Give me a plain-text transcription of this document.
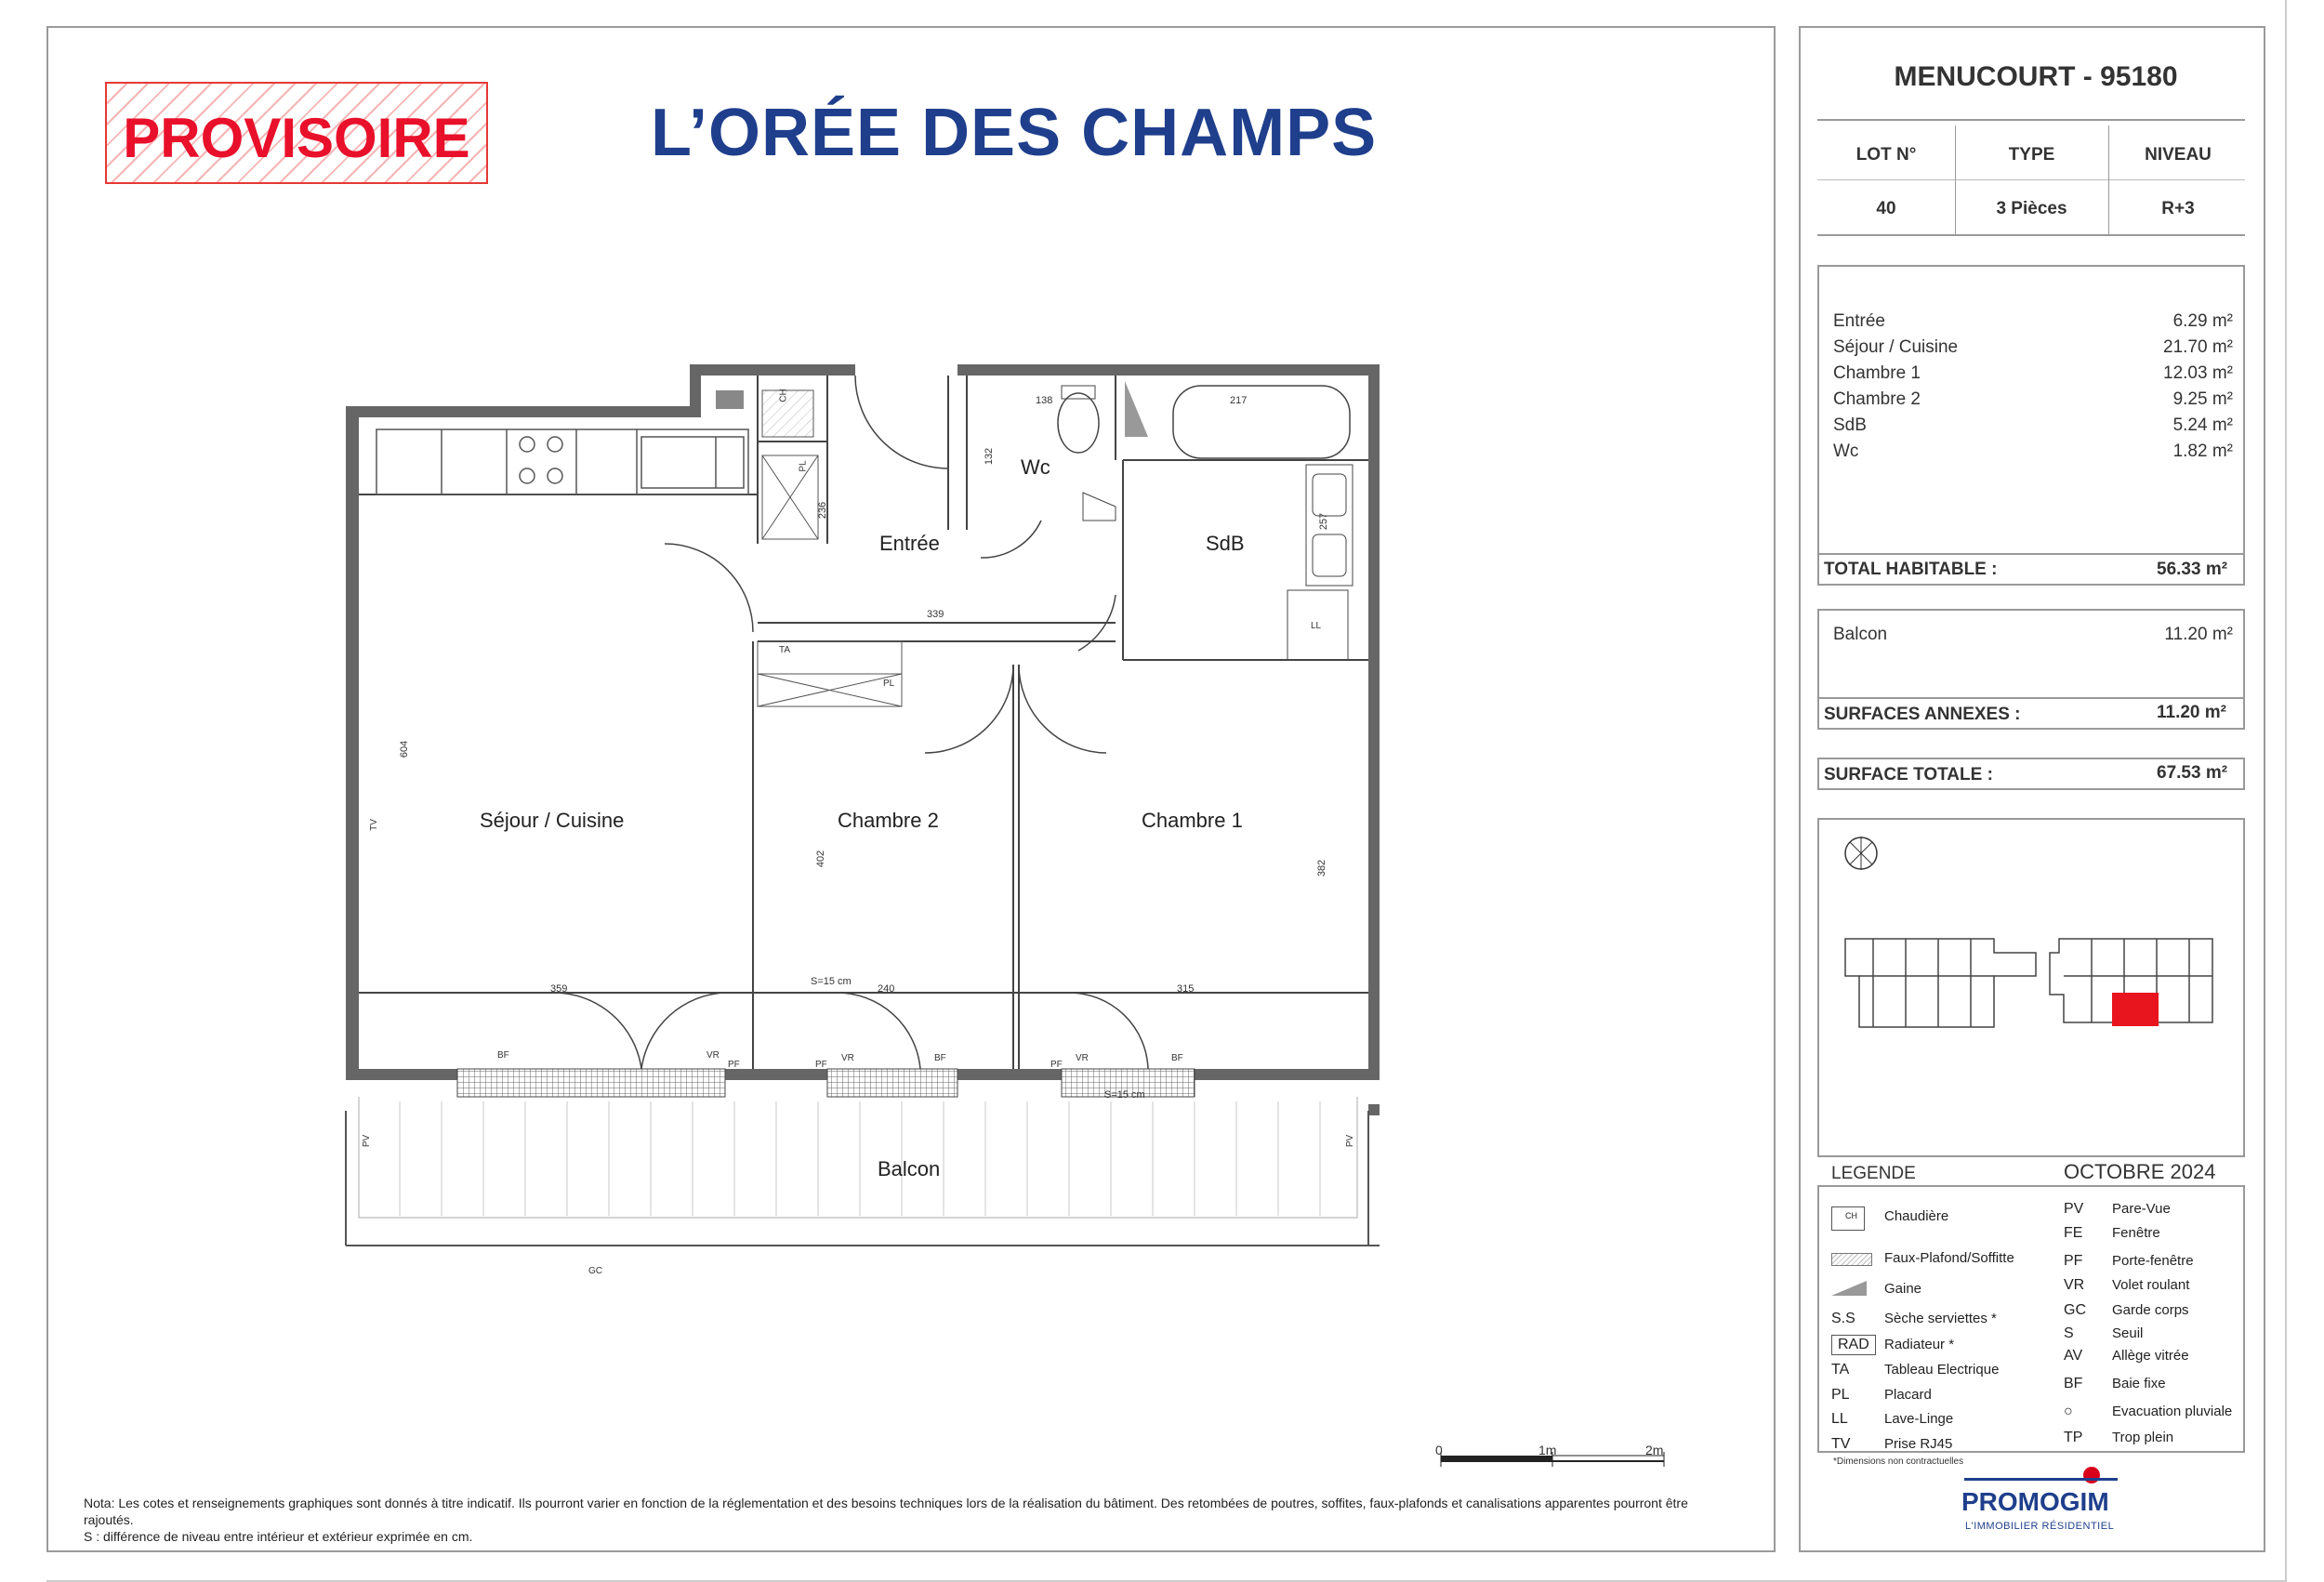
PROVISOIRE	L’ORÉE DES CHAMPS
0	1m	2m
Entrée
Wc
SdB
Séjour / Cuisine	Chambre 2	Chambre 1
Balcon
138	217
132
236
257
339
604
402
382
359	240	315
S=15 cm
S=15 cm
CH
PL
TA
PL
LL
TV
PV	PV
GC
BF	VR
PF	PF
VR	BF
PF
VR	BF
Nota: Les cotes et renseignements graphiques sont donnés à titre indicatif. Ils pourront varier en fonction de la réglementation et des besoins techniques lors de la réalisation du bâtiment. Des retombées de poutres, soffites, faux-plafonds et canalisations apparentes pourront être rajoutés.
S : différence de niveau entre intérieur et extérieur exprimée en cm.
MENUCOURT - 95180
LOT N°	TYPE	NIVEAU
40	3 Pièces	R+3
Entrée	6.29 m²
Séjour / Cuisine	21.70 m²
Chambre 1	12.03 m²
Chambre 2	9.25 m²
SdB	5.24 m²
Wc	1.82 m²
TOTAL HABITABLE :	56.33 m²
Balcon	11.20 m²
SURFACES ANNEXES :	11.20 m²
SURFACE TOTALE :	67.53 m²
LEGENDE	OCTOBRE 2024
CH	Chaudière
Faux-Plafond/Soffitte
Gaine
S.S Sèche serviettes *
RAD	Radiateur *
TA	Tableau Electrique
PL Placard
LL	Lave-Linge
TV Prise RJ45
PV Pare-Vue
FE Fenêtre
PF Porte-fenêtre
VR Volet roulant
GC Garde corps
S	Seuil
AV Allège vitrée
BF Baie fixe
○	Evacuation pluviale
TP Trop plein
*Dimensions non contractuelles
PROMOGIM
L'IMMOBILIER RÉSIDENTIEL
